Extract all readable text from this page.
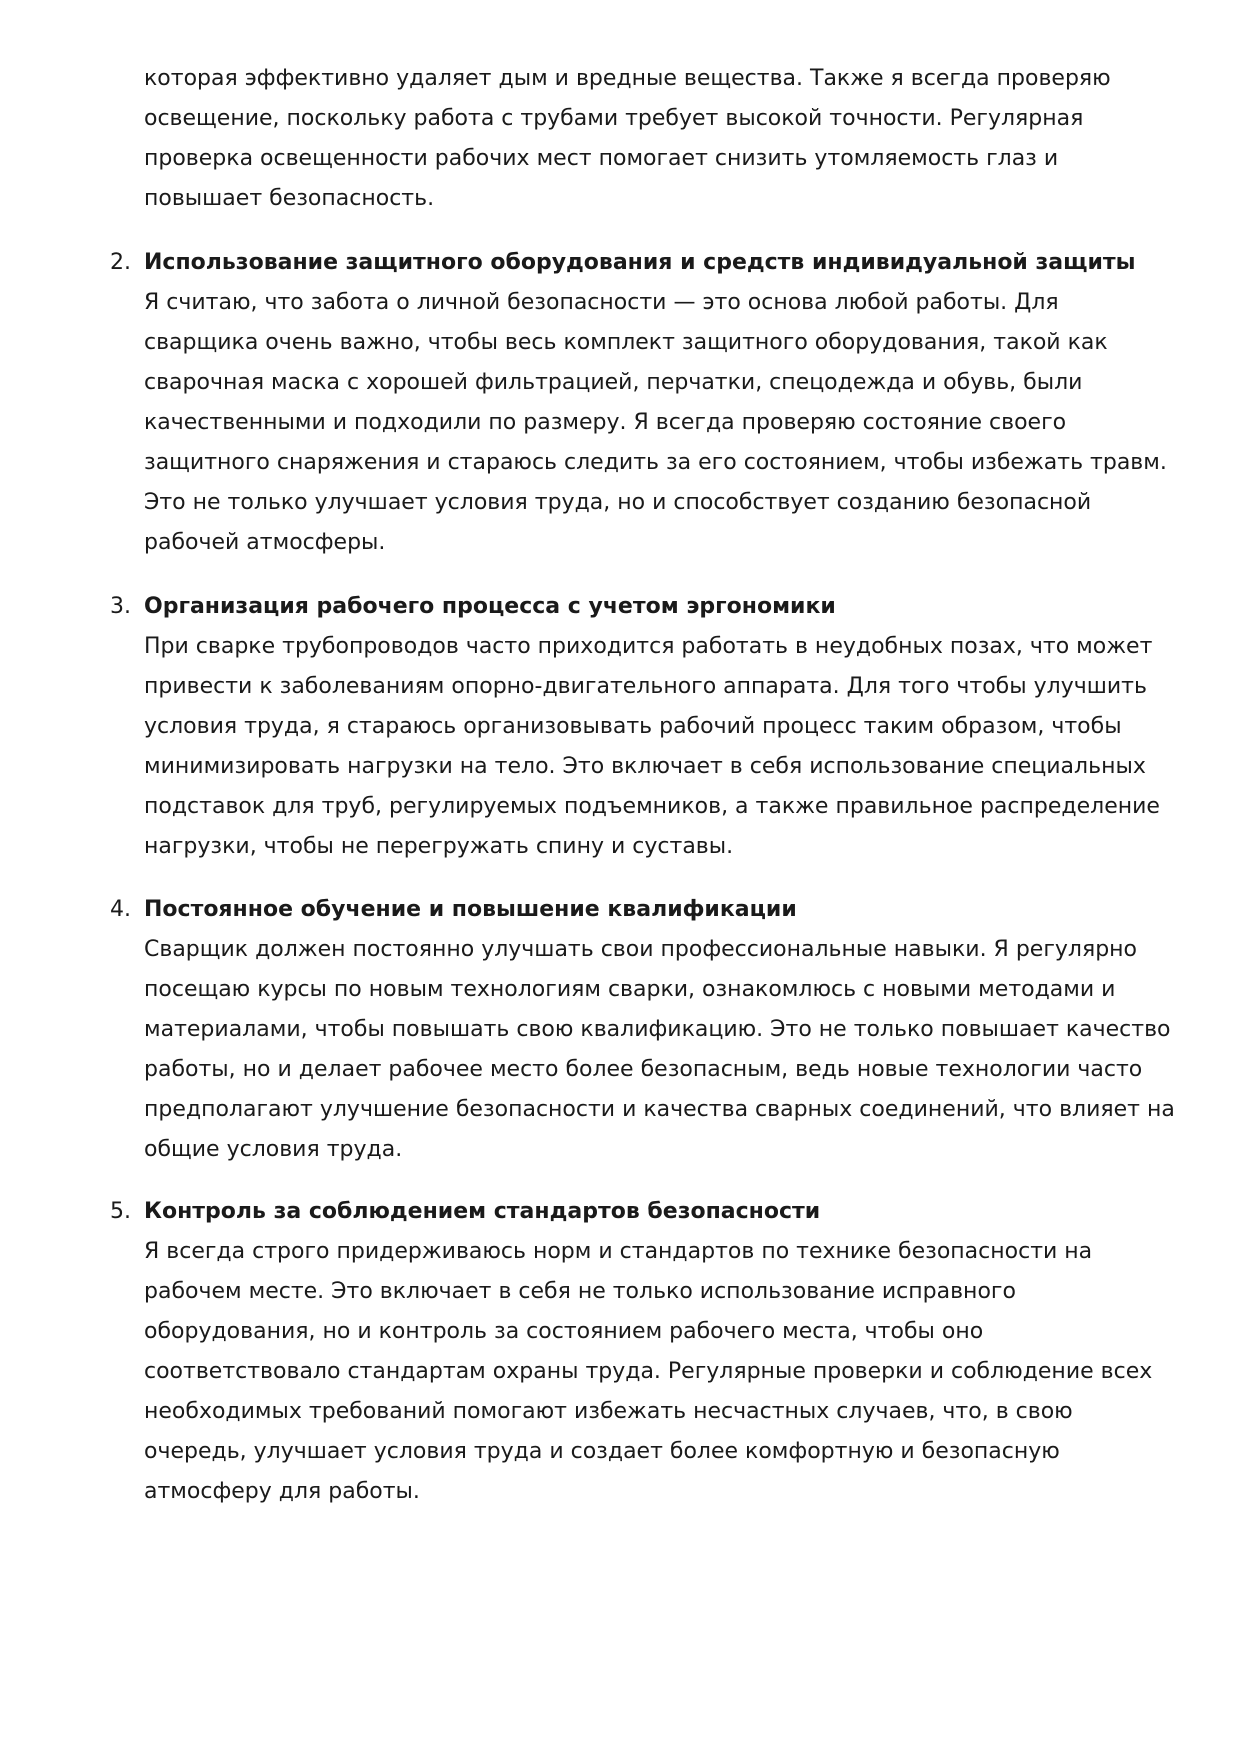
которая эффективно удаляет дым и вредные вещества. Также я всегда проверяю
освещение, поскольку работа с трубами требует высокой точности. Регулярная
проверка освещенности рабочих мест помогает снизить утомляемость глаз и
повышает безопасность.
2. Использование защитного оборудования и средств индивидуальной защиты
Я считаю, что забота о личной безопасности — это основа любой работы. Для
сварщика очень важно, чтобы весь комплект защитного оборудования, такой как
сварочная маска с хорошей фильтрацией, перчатки, спецодежда и обувь, были
качественными и подходили по размеру. Я всегда проверяю состояние своего
защитного снаряжения и стараюсь следить за его состоянием, чтобы избежать травм.
Это не только улучшает условия труда, но и способствует созданию безопасной
рабочей атмосферы.
3. Организация рабочего процесса с учетом эргономики
При сварке трубопроводов часто приходится работать в неудобных позах, что может
привести к заболеваниям опорно-двигательного аппарата. Для того чтобы улучшить
условия труда, я стараюсь организовывать рабочий процесс таким образом, чтобы
минимизировать нагрузки на тело. Это включает в себя использование специальных
подставок для труб, регулируемых подъемников, а также правильное распределение
нагрузки, чтобы не перегружать спину и суставы.
4. Постоянное обучение и повышение квалификации
Сварщик должен постоянно улучшать свои профессиональные навыки. Я регулярно
посещаю курсы по новым технологиям сварки, ознакомлюсь с новыми методами и
материалами, чтобы повышать свою квалификацию. Это не только повышает качество
работы, но и делает рабочее место более безопасным, ведь новые технологии часто
предполагают улучшение безопасности и качества сварных соединений, что влияет на
общие условия труда.
5. Контроль за соблюдением стандартов безопасности
Я всегда строго придерживаюсь норм и стандартов по технике безопасности на
рабочем месте. Это включает в себя не только использование исправного
оборудования, но и контроль за состоянием рабочего места, чтобы оно
соответствовало стандартам охраны труда. Регулярные проверки и соблюдение всех
необходимых требований помогают избежать несчастных случаев, что, в свою
очередь, улучшает условия труда и создает более комфортную и безопасную
атмосферу для работы.
